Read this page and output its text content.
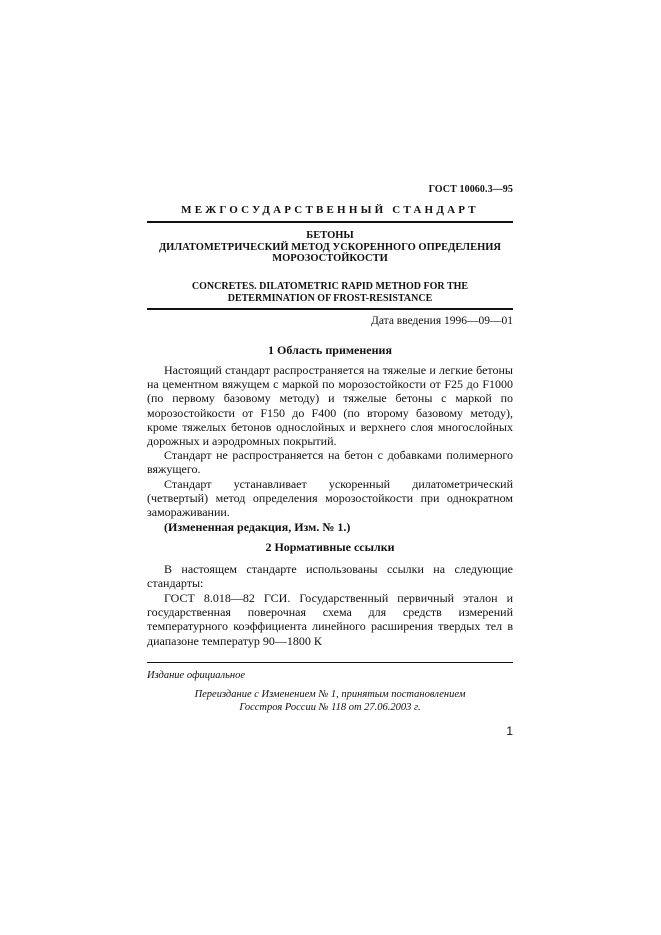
ГОСТ 10060.3—95
МЕЖГОСУДАРСТВЕННЫЙ СТАНДАРТ
БЕТОНЫ
ДИЛАТОМЕТРИЧЕСКИЙ МЕТОД УСКОРЕННОГО ОПРЕДЕЛЕНИЯ
МОРОЗОСТОЙКОСТИ
CONCRETES. DILATOMETRIC RAPID METHOD FOR THE
DETERMINATION OF FROST-RESISTANCE
Дата введения 1996—09—01
1 Область применения

Настоящий стандарт распространяется на тяжелые и легкие бетоны на цементном вяжущем с маркой по морозостойкости от F25 до F1000 (по первому базовому методу) и тяжелые бетоны с маркой по морозостойкости от F150 до F400 (по второму базовому методу), кроме тяжелых бетонов однослойных и верхнего слоя многослойных дорожных и аэродромных покрытий.

Стандарт не распространяется на бетон с добавками полимерного вяжущего.

Стандарт устанавливает ускоренный дилатометрический (четвертый) метод определения морозостойкости при однократном замораживании.

(Измененная редакция, Изм. № 1.)

2 Нормативные ссылки

В настоящем стандарте использованы ссылки на следующие стандарты:

ГОСТ 8.018—82 ГСИ. Государственный первичный эталон и государственная поверочная схема для средств измерений температурного коэффициента линейного расширения твердых тел в диапазоне температур 90—1800 К

Издание официальное
Переиздание с Изменением № 1, принятым постановлением
Госстроя России № 118 от 27.06.2003 г.
1
